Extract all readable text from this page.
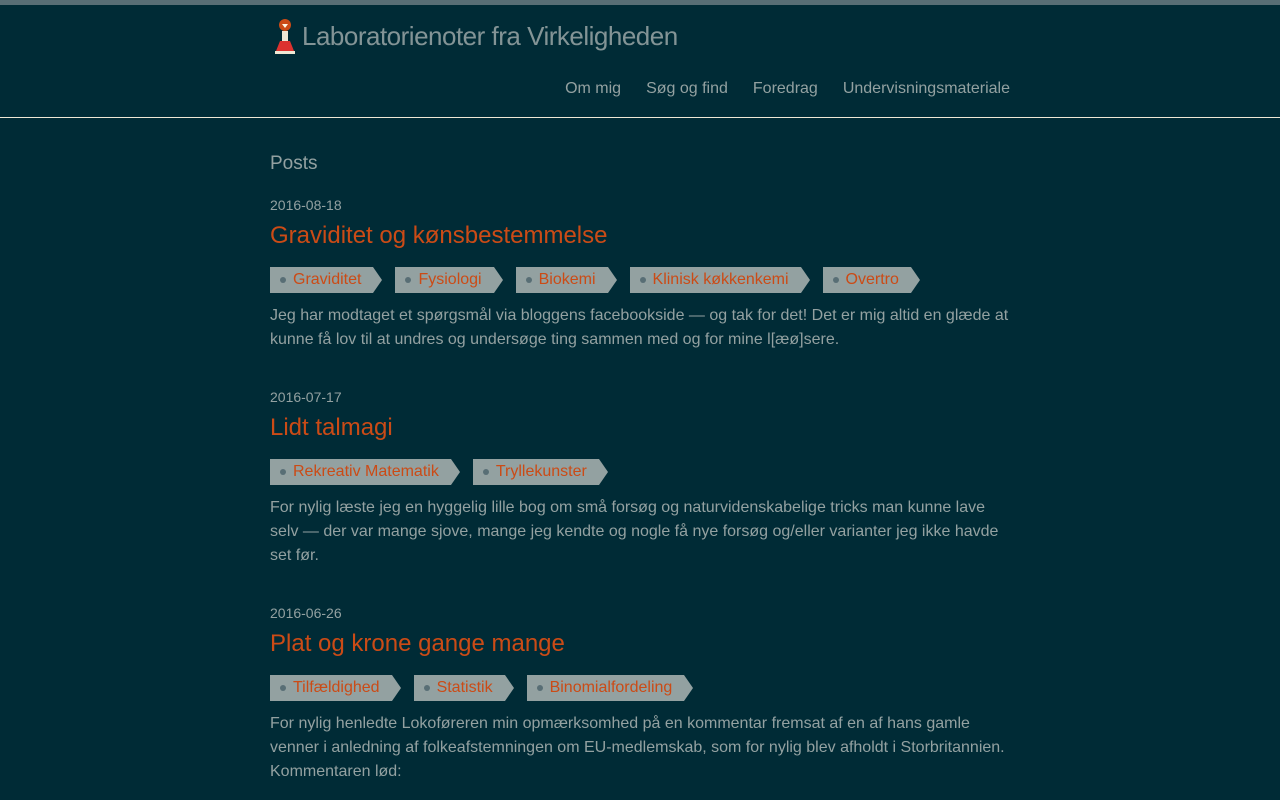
Laboratorienoter fra Virkeligheden
Om mig Søg og find Foredrag Undervisningsmateriale
Posts
2016-08-18
Graviditet og kønsbestemmelse
Graviditet	Fysiologi	Biokemi	Klinisk køkkenkemi	Overtro

Jeg har modtaget et spørgsmål via bloggens facebookside — og tak for det! Det er mig altid en glæde at kunne få lov til at undres og undersøge ting sammen med og for mine l[æø]sere.

2016-07-17
Lidt talmagi
Rekreativ Matematik	Tryllekunster

For nylig læste jeg en hyggelig lille bog om små forsøg og naturvidenskabelige tricks man kunne lave selv — der var mange sjove, mange jeg kendte og nogle få nye forsøg og/eller varianter jeg ikke havde set før.

2016-06-26
Plat og krone gange mange
Tilfældighed	Statistik	Binomialfordeling

For nylig henledte Lokoføreren min opmærksomhed på en kommentar fremsat af en af hans gamle venner i anledning af folkeafstemningen om EU-medlemskab, som for nylig blev afholdt i Storbritannien. Kommentaren lød:
